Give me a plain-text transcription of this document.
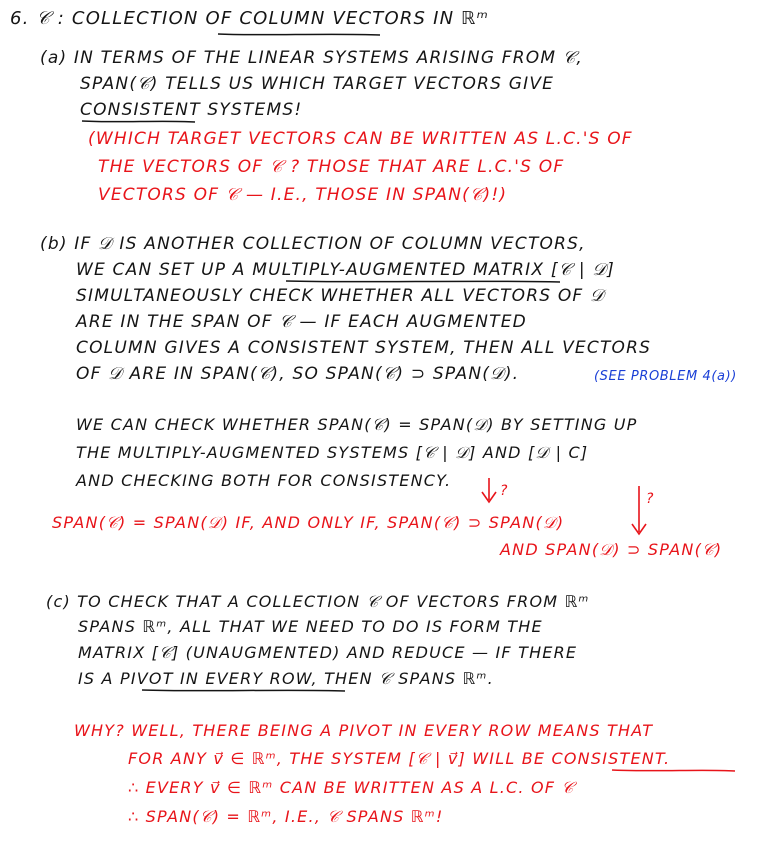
6. 𝒞 : COLLECTION OF COLUMN VECTORS IN ℝᵐ

(a) IN TERMS OF THE LINEAR SYSTEMS ARISING FROM 𝒞,

SPAN(𝒞) TELLS US WHICH TARGET VECTORS GIVE

CONSISTENT SYSTEMS!

(WHICH TARGET VECTORS CAN BE WRITTEN AS L.C.'S OF

THE VECTORS OF 𝒞 ? THOSE THAT ARE L.C.'S OF

VECTORS OF 𝒞 — I.E., THOSE IN SPAN(𝒞)!)

(b) IF 𝒟 IS ANOTHER COLLECTION OF COLUMN VECTORS,

WE CAN SET UP A MULTIPLY-AUGMENTED MATRIX [𝒞 | 𝒟]

SIMULTANEOUSLY CHECK WHETHER ALL VECTORS OF 𝒟

ARE IN THE SPAN OF 𝒞 — IF EACH AUGMENTED

COLUMN GIVES A CONSISTENT SYSTEM, THEN ALL VECTORS

OF 𝒟 ARE IN SPAN(𝒞), SO SPAN(𝒞) ⊃ SPAN(𝒟).	(SEE PROBLEM 4(a))

WE CAN CHECK WHETHER SPAN(𝒞) = SPAN(𝒟) BY SETTING UP

THE MULTIPLY-AUGMENTED SYSTEMS [𝒞 | 𝒟] AND [𝒟 | C]

AND CHECKING BOTH FOR CONSISTENCY.

?	?

SPAN(𝒞) = SPAN(𝒟) IF, AND ONLY IF, SPAN(𝒞) ⊃ SPAN(𝒟)

AND SPAN(𝒟) ⊃ SPAN(𝒞)

(c) TO CHECK THAT A COLLECTION 𝒞 OF VECTORS FROM ℝᵐ

SPANS ℝᵐ, ALL THAT WE NEED TO DO IS FORM THE

MATRIX [𝒞] (UNAUGMENTED) AND REDUCE — IF THERE

IS A PIVOT IN EVERY ROW, THEN 𝒞 SPANS ℝᵐ.

WHY? WELL, THERE BEING A PIVOT IN EVERY ROW MEANS THAT

FOR ANY v⃗ ∈ ℝᵐ, THE SYSTEM [𝒞 | v⃗] WILL BE CONSISTENT.

∴ EVERY v⃗ ∈ ℝᵐ CAN BE WRITTEN AS A L.C. OF 𝒞

∴ SPAN(𝒞) = ℝᵐ, I.E., 𝒞 SPANS ℝᵐ!
